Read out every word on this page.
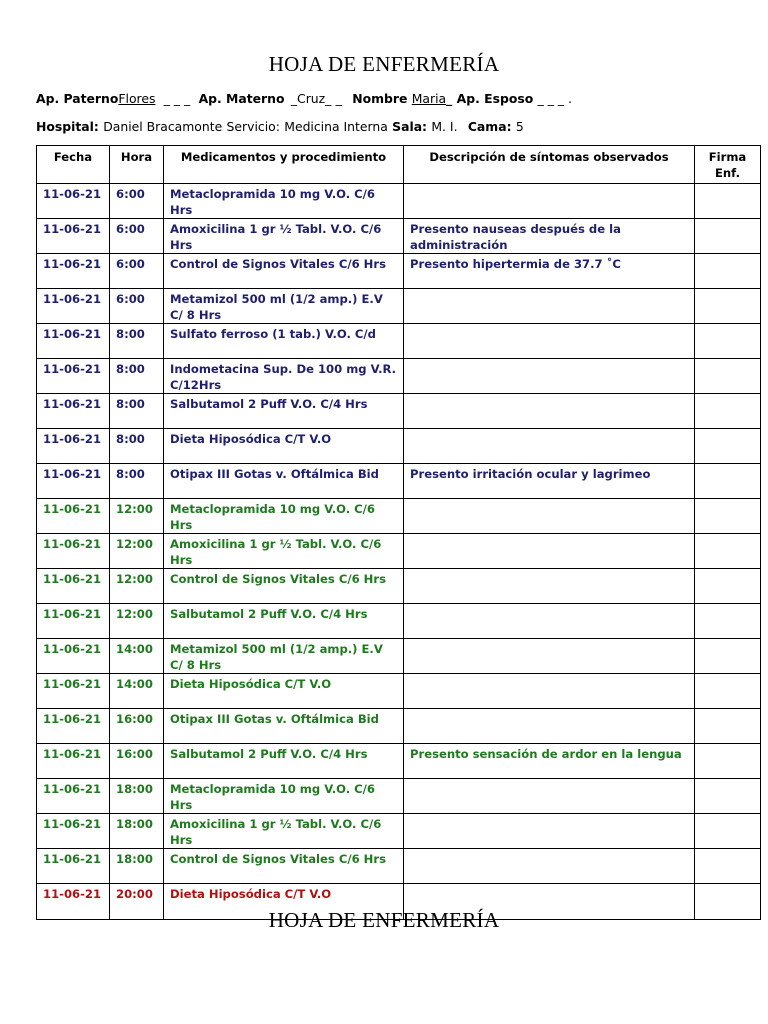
HOJA DE ENFERMERÍA
Ap. PaternoFlores _ _ _ Ap. Materno _Cruz_ _ Nombre Maria_ Ap. Esposo _ _ _ .
Hospital: Daniel Bracamonte Servicio: Medicina Interna Sala: M. I. Cama: 5
Fecha	Hora	Medicamentos y procedimiento	Descripción de síntomas observados	Firma Enf.
11-06-21	6:00	Metaclopramida 10 mg V.O. C/6 Hrs		
11-06-21	6:00	Amoxicilina 1 gr ½ Tabl. V.O. C/6 Hrs	Presento nauseas después de la administración	
11-06-21	6:00	Control de Signos Vitales C/6 Hrs	Presento hipertermia de 37.7 ˚C	
11-06-21	6:00	Metamizol 500 ml (1/2 amp.) E.V C/ 8 Hrs		
11-06-21	8:00	Sulfato ferroso (1 tab.) V.O. C/d		
11-06-21	8:00	Indometacina Sup. De 100 mg V.R. C/12Hrs		
11-06-21	8:00	Salbutamol 2 Puff V.O. C/4 Hrs		
11-06-21	8:00	Dieta Hiposódica C/T V.O		
11-06-21	8:00	Otipax III Gotas v. Oftálmica Bid	Presento irritación ocular y lagrimeo	
11-06-21	12:00	Metaclopramida 10 mg V.O. C/6 Hrs		
11-06-21	12:00	Amoxicilina 1 gr ½ Tabl. V.O. C/6 Hrs		
11-06-21	12:00	Control de Signos Vitales C/6 Hrs		
11-06-21	12:00	Salbutamol 2 Puff V.O. C/4 Hrs		
11-06-21	14:00	Metamizol 500 ml (1/2 amp.) E.V C/ 8 Hrs		
11-06-21	14:00	Dieta Hiposódica C/T V.O		
11-06-21	16:00	Otipax III Gotas v. Oftálmica Bid		
11-06-21	16:00	Salbutamol 2 Puff V.O. C/4 Hrs	Presento sensación de ardor en la lengua	
11-06-21	18:00	Metaclopramida 10 mg V.O. C/6 Hrs		
11-06-21	18:00	Amoxicilina 1 gr ½ Tabl. V.O. C/6 Hrs		
11-06-21	18:00	Control de Signos Vitales C/6 Hrs		
11-06-21	20:00	Dieta Hiposódica C/T V.O		
HOJA DE ENFERMERÍA
